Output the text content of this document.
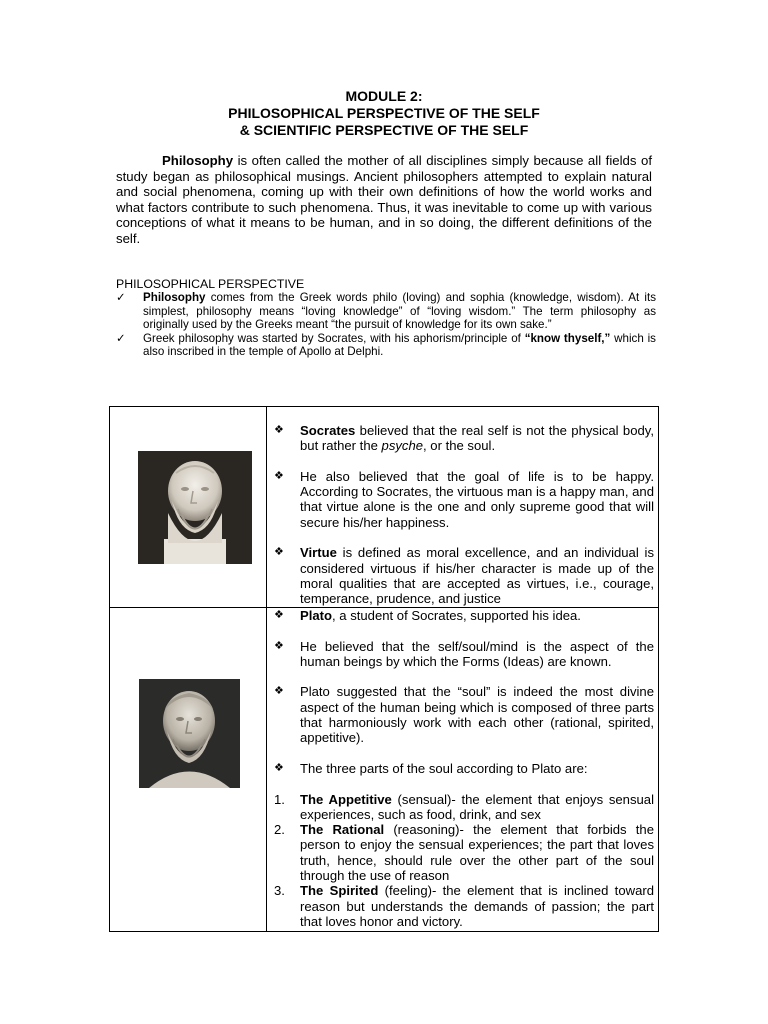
MODULE 2:
PHILOSOPHICAL PERSPECTIVE OF THE SELF
& SCIENTIFIC PERSPECTIVE OF THE SELF
Philosophy is often called the mother of all disciplines simply because all fields of study began as philosophical musings. Ancient philosophers attempted to explain natural and social phenomena, coming up with their own definitions of how the world works and what factors contribute to such phenomena. Thus, it was inevitable to come up with various conceptions of what it means to be human, and in so doing, the different definitions of the self.
PHILOSOPHICAL PERSPECTIVE
✓ Philosophy comes from the Greek words philo (loving) and sophia (knowledge, wisdom). At its simplest, philosophy means “loving knowledge” of “loving wisdom.” The term philosophy as originally used by the Greeks meant “the pursuit of knowledge for its own sake.”
✓ Greek philosophy was started by Socrates, with his aphorism/principle of “know thyself,” which is also inscribed in the temple of Apollo at Delphi.
❖ Socrates believed that the real self is not the physical body, but rather the psyche, or the soul.
❖ He also believed that the goal of life is to be happy. According to Socrates, the virtuous man is a happy man, and that virtue alone is the one and only supreme good that will secure his/her happiness.
❖ Virtue is defined as moral excellence, and an individual is considered virtuous if his/her character is made up of the moral qualities that are accepted as virtues, i.e., courage, temperance, prudence, and justice
❖ Plato, a student of Socrates, supported his idea.
❖ He believed that the self/soul/mind is the aspect of the human beings by which the Forms (Ideas) are known.
❖ Plato suggested that the “soul” is indeed the most divine aspect of the human being which is composed of three parts that harmoniously work with each other (rational, spirited, appetitive).
❖ The three parts of the soul according to Plato are:
1. The Appetitive (sensual)- the element that enjoys sensual experiences, such as food, drink, and sex
2. The Rational (reasoning)- the element that forbids the person to enjoy the sensual experiences; the part that loves truth, hence, should rule over the other part of the soul through the use of reason
3. The Spirited (feeling)- the element that is inclined toward reason but understands the demands of passion; the part that loves honor and victory.
